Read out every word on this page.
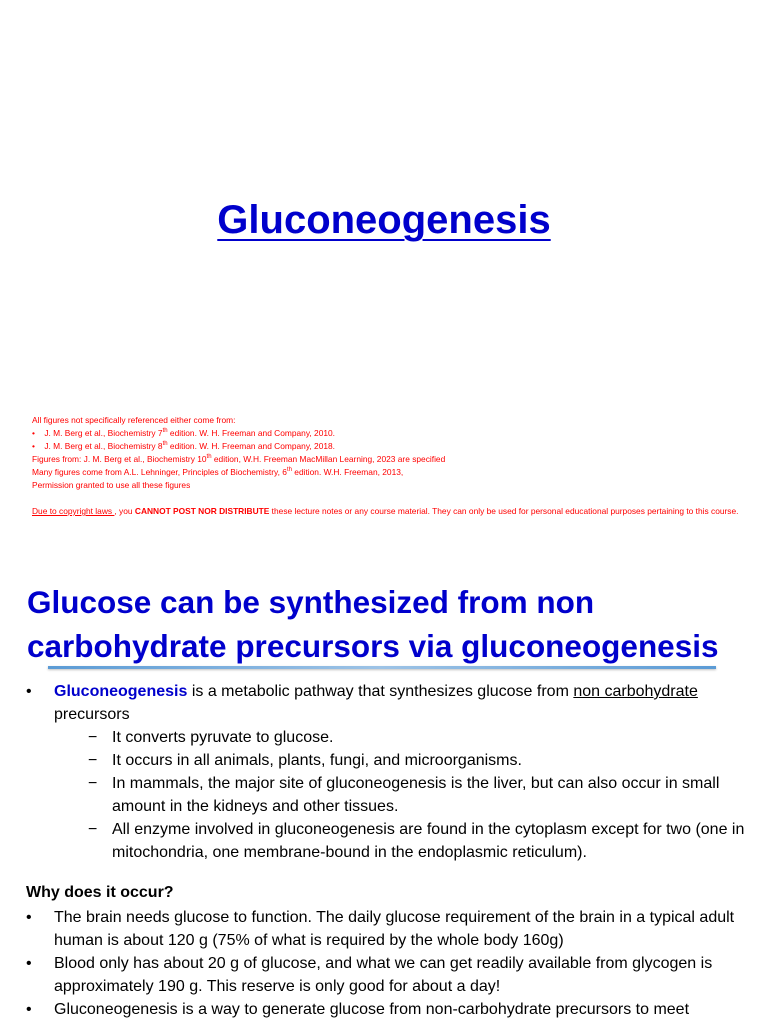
Gluconeogenesis
All figures not specifically referenced either come from:
• J. M. Berg et al., Biochemistry 7th edition. W. H. Freeman and Company, 2010.
• J. M. Berg et al., Biochemistry 8th edition. W. H. Freeman and Company, 2018.
Figures from: J. M. Berg et al., Biochemistry 10th edition, W.H. Freeman MacMillan Learning, 2023 are specified
Many figures come from A.L. Lehninger, Principles of Biochemistry, 6th edition. W.H. Freeman, 2013,
Permission granted to use all these figures
Due to copyright laws , you CANNOT POST NOR DISTRIBUTE these lecture notes or any course material. They can only be used for personal educational purposes pertaining to this course.
Glucose can be synthesized from non carbohydrate precursors via gluconeogenesis
• Gluconeogenesis is a metabolic pathway that synthesizes glucose from non carbohydrate precursors
− It converts pyruvate to glucose.
− It occurs in all animals, plants, fungi, and microorganisms.
− In mammals, the major site of gluconeogenesis is the liver, but can also occur in small amount in the kidneys and other tissues.
− All enzyme involved in gluconeogenesis are found in the cytoplasm except for two (one in mitochondria, one membrane-bound in the endoplasmic reticulum).
Why does it occur?
• The brain needs glucose to function. The daily glucose requirement of the brain in a typical adult human is about 120 g (75% of what is required by the whole body 160g)
• Blood only has about 20 g of glucose, and what we can get readily available from glycogen is approximately 190 g. This reserve is only good for about a day!
• Gluconeogenesis is a way to generate glucose from non-carbohydrate precursors to meet
